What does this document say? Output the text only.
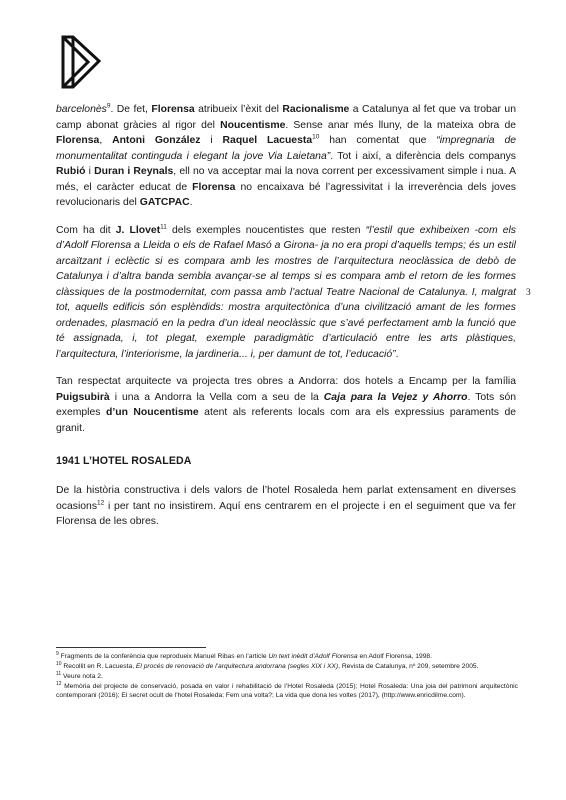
3

barcelonès$^9$. De fet, Florensa atribueix l’èxit del Racionalisme a Catalunya al fet que va trobar un camp abonat gràcies al rigor del Noucentisme. Sense anar més lluny, de la mateixa obra de Florensa, Antoni González i Raquel Lacuesta$^{10}$ han comentat que “impregnaria de monumentalitat continguda i elegant la jove Via Laietana”. Tot i així, a diferència dels companys Rubió i Duran i Reynals, ell no va acceptar mai la nova corrent per excessivament simple i nua. A més, el caràcter educat de Florensa no encaixava bé l’agressivitat i la irreverència dels joves revolucionaris del GATCPAC.

Com ha dit J. Llovet$^{11}$ dels exemples noucentistes que resten “l’estil que exhibeixen -com els d’Adolf Florensa a Lleida o els de Rafael Masó a Girona- ja no era propi d’aquells temps; és un estil arcaïtzant i eclèctic si es compara amb les mostres de l’arquitectura neoclàssica de debò de Catalunya i d’altra banda sembla avançar-se al temps si es compara amb el retorn de les formes clàssiques de la postmodernitat, com passa amb l’actual Teatre Nacional de Catalunya. I, malgrat tot, aquells edificis són esplèndids: mostra arquitectònica d’una civilització amant de les formes ordenades, plasmació en la pedra d’un ideal neoclàssic que s’avé perfectament amb la funció que té assignada, i, tot plegat, exemple paradigmàtic d’articulació entre les arts plàstiques, l’arquitectura, l’interiorisme, la jardineria... i, per damunt de tot, l’educació”.

Tan respectat arquitecte va projecta tres obres a Andorra: dos hotels a Encamp per la família Puigsubirà i una a Andorra la Vella com a seu de la Caja para la Vejez y Ahorro. Tots són exemples d’un Noucentisme atent als referents locals com ara els expressius paraments de granit.

1941 L’HOTEL ROSALEDA

De la història constructiva i dels valors de l’hotel Rosaleda hem parlat extensament en diverses ocasions$^{12}$ i per tant no insistirem. Aquí ens centrarem en el projecte i en el seguiment que va fer Florensa de les obres.

$^9$ Fragments de la conferència que reprodueix Manuel Ribas en l’article Un text inèdit d’Adolf Florensa en Adolf Florensa, 1998.
$^{10}$ Recollit en R. Lacuesta, El procés de renovació de l’arquitectura andorrana (segles XIX i XX), Revista de Catalunya, nº 209, setembre 2005.
$^{11}$ Veure nota 2.
$^{12}$ Memòria del projecte de conservació, posada en valor i rehabilitació de l’Hotel Rosaleda (2015); Hotel Rosaleda: Una joia del patrimoni arquitectònic contemporani (2016); El secret ocult de l’hotel Rosaleda; Fem una volta?; La vida que dona les voltes (2017), (http://www.enricdilme.com).
